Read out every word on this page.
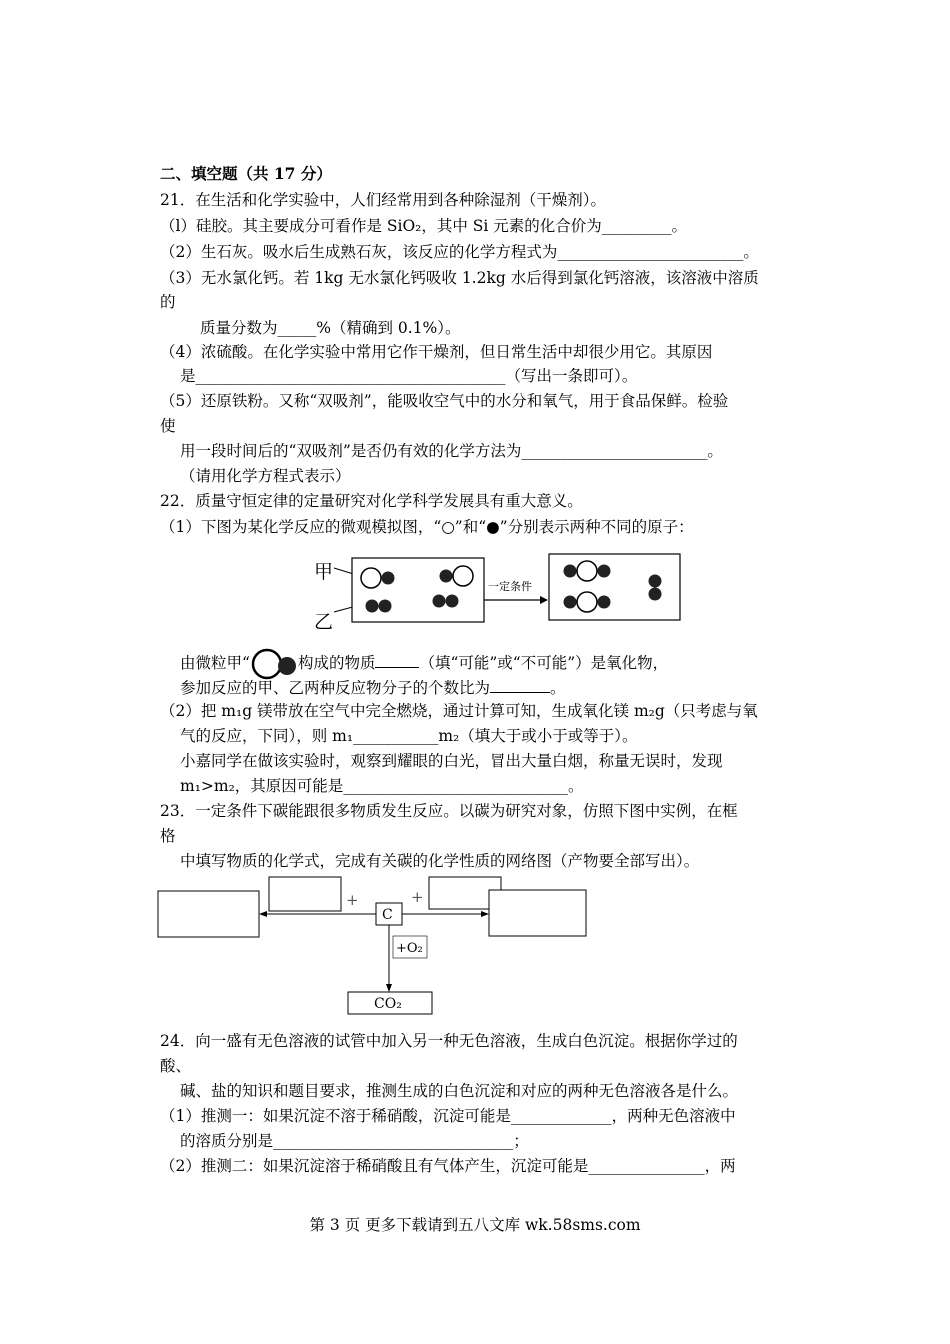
二、填空题（共 17 分）
21．在生活和化学实验中，人们经常用到各种除湿剂（干燥剂）。
（l）硅胶。其主要成分可看作是 SiO₂，其中 Si 元素的化合价为_________。
（2）生石灰。吸水后生成熟石灰，该反应的化学方程式为________________________。
（3）无水氯化钙。若 1kg 无水氯化钙吸收 1.2kg 水后得到氯化钙溶液，该溶液中溶质
的
质量分数为_____%（精确到 0.1%）。
（4）浓硫酸。在化学实验中常用它作干燥剂，但日常生活中却很少用它。其原因
是________________________________________（写出一条即可）。
（5）还原铁粉。又称“双吸剂”，能吸收空气中的水分和氧气，用于食品保鲜。检验
使
用一段时间后的“双吸剂”是否仍有效的化学方法为________________________。
（请用化学方程式表示）
22．质量守恒定律的定量研究对化学科学发展具有重大意义。
（1）下图为某化学反应的微观模拟图，“○”和“●”分别表示两种不同的原子：
甲
乙
一定条件
由微粒甲“	构成的物质	（填“可能”或“不可能”）是氧化物，
参加反应的甲、乙两种反应物分子的个数比为	。
（2）把 m₁g 镁带放在空气中完全燃烧，通过计算可知，生成氧化镁 m₂g（只考虑与氧
气的反应，下同），则 m₁___________m₂（填大于或小于或等于）。
小嘉同学在做该实验时，观察到耀眼的白光，冒出大量白烟，称量无误时，发现
m₁>m₂，其原因可能是_____________________________。
23．一定条件下碳能跟很多物质发生反应。以碳为研究对象，仿照下图中实例，在框
格
中填写物质的化学式，完成有关碳的化学性质的网络图（产物要全部写出）。
+
C
+
+O₂
CO₂
24．向一盛有无色溶液的试管中加入另一种无色溶液，生成白色沉淀。根据你学过的
酸、
碱、盐的知识和题目要求，推测生成的白色沉淀和对应的两种无色溶液各是什么。
（1）推测一：如果沉淀不溶于稀硝酸，沉淀可能是_____________，两种无色溶液中
的溶质分别是_______________________________；
（2）推测二：如果沉淀溶于稀硝酸且有气体产生，沉淀可能是_______________，两
第 3 页 更多下载请到五八文库 wk.58sms.com
